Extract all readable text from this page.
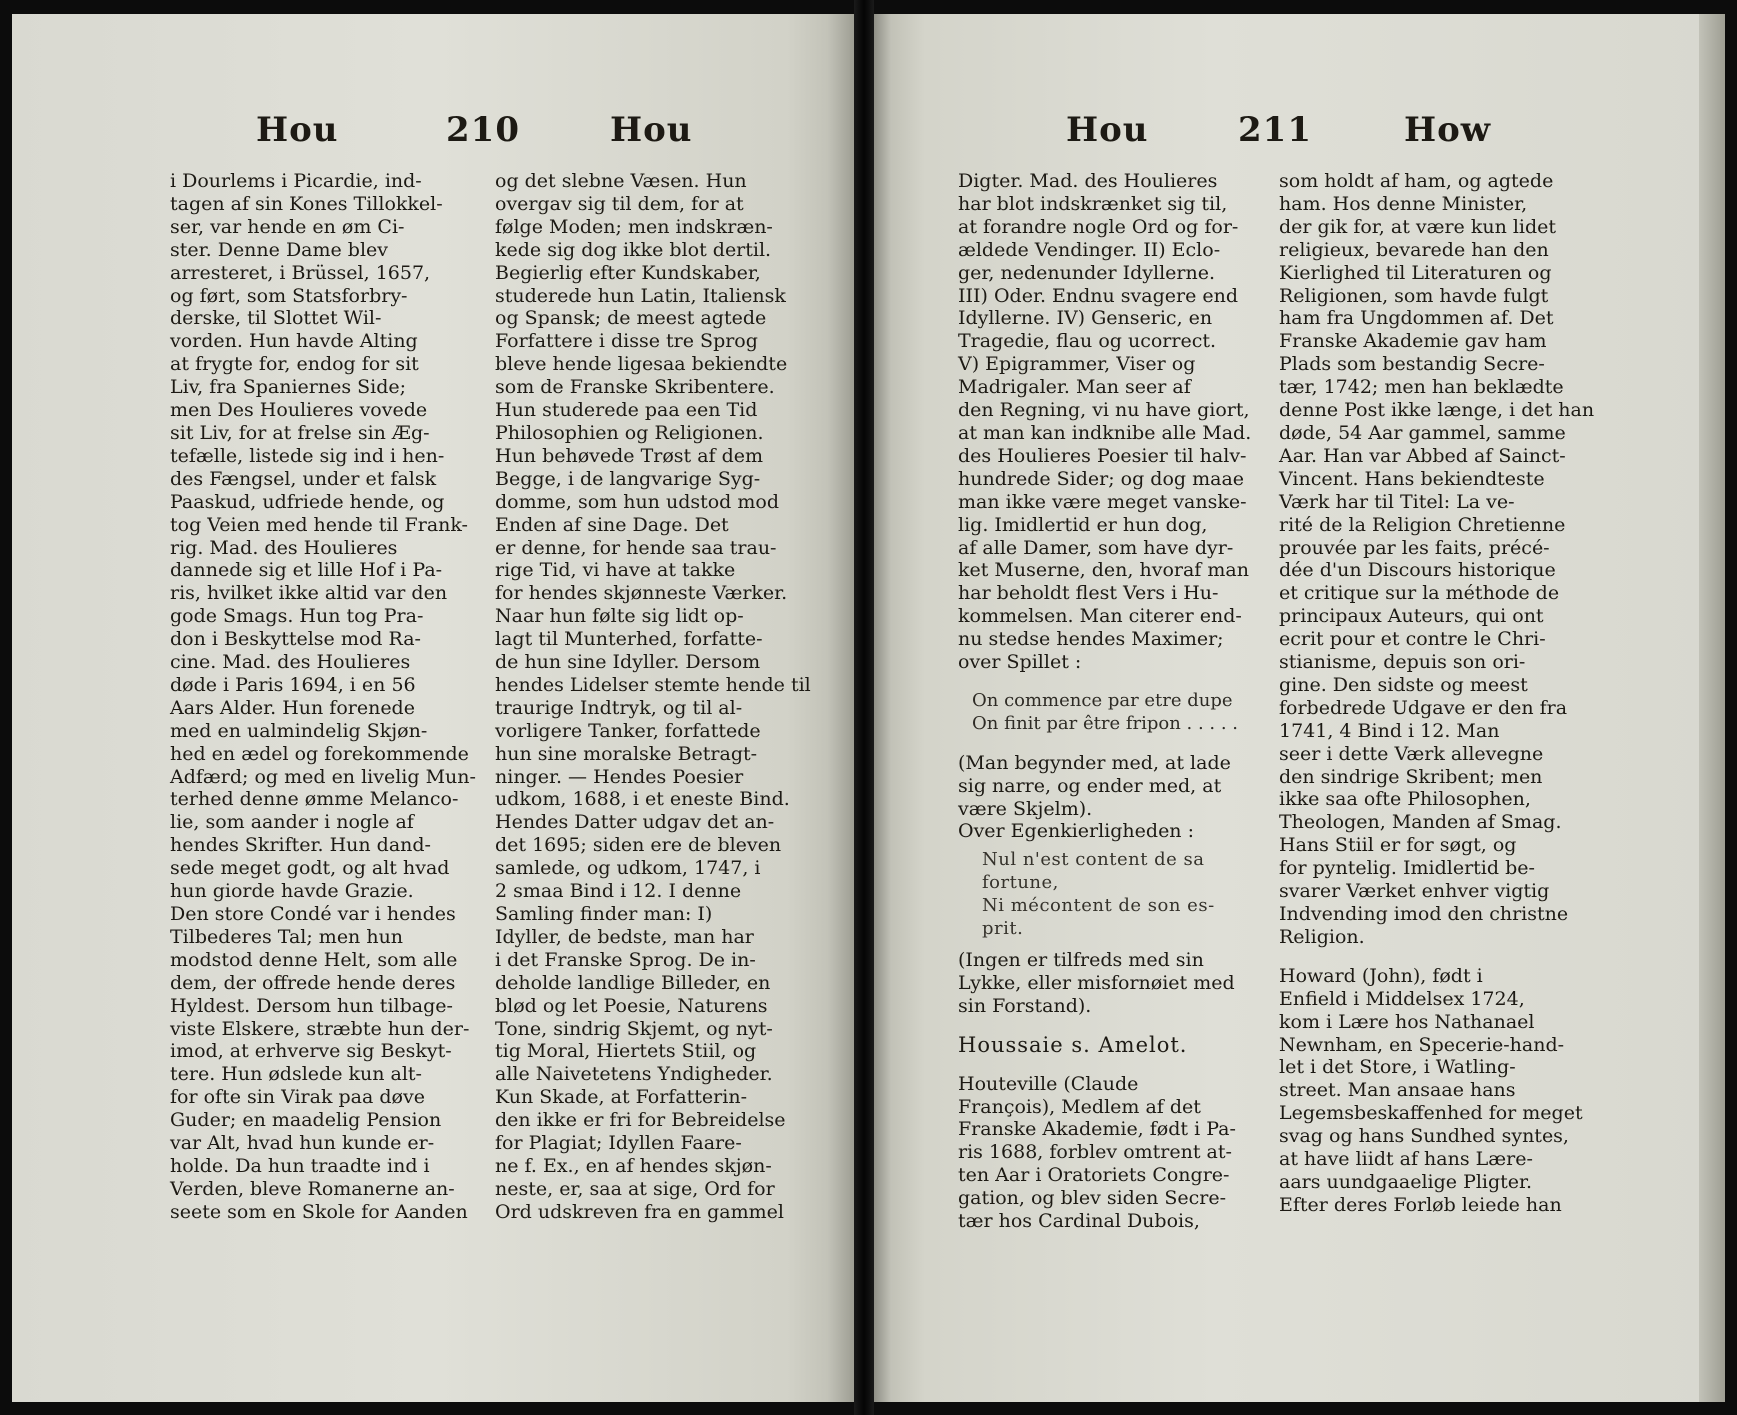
Hou	210	Hou

i Dourlems i Picardie, ind-

tagen af sin Kones Tillokkel-

ser, var hende en øm Ci-

ster. Denne Dame blev

arresteret, i Brüssel, 1657,

og ført, som Statsforbry-

derske, til Slottet Wil-

vorden. Hun havde Alting

at frygte for, endog for sit

Liv, fra Spaniernes Side;

men Des Houlieres vovede

sit Liv, for at frelse sin Æg-

tefælle, listede sig ind i hen-

des Fængsel, under et falsk

Paaskud, udfriede hende, og

tog Veien med hende til Frank-

rig. Mad. des Houlieres

dannede sig et lille Hof i Pa-

ris, hvilket ikke altid var den

gode Smags. Hun tog Pra-

don i Beskyttelse mod Ra-

cine. Mad. des Houlieres

døde i Paris 1694, i en 56

Aars Alder. Hun forenede

med en ualmindelig Skjøn-

hed en ædel og forekommende

Adfærd; og med en livelig Mun-

terhed denne ømme Melanco-

lie, som aander i nogle af

hendes Skrifter. Hun dand-

sede meget godt, og alt hvad

hun giorde havde Grazie.

Den store Condé var i hendes

Tilbederes Tal; men hun

modstod denne Helt, som alle

dem, der offrede hende deres

Hyldest. Dersom hun tilbage-

viste Elskere, stræbte hun der-

imod, at erhverve sig Beskyt-

tere. Hun ødslede kun alt-

for ofte sin Virak paa døve

Guder; en maadelig Pension

var Alt, hvad hun kunde er-

holde. Da hun traadte ind i

Verden, bleve Romanerne an-

seete som en Skole for Aanden

og det slebne Væsen. Hun

overgav sig til dem, for at

følge Moden; men indskræn-

kede sig dog ikke blot dertil.

Begierlig efter Kundskaber,

studerede hun Latin, Italiensk

og Spansk; de meest agtede

Forfattere i disse tre Sprog

bleve hende ligesaa bekiendte

som de Franske Skribentere.

Hun studerede paa een Tid

Philosophien og Religionen.

Hun behøvede Trøst af dem

Begge, i de langvarige Syg-

domme, som hun udstod mod

Enden af sine Dage. Det

er denne, for hende saa trau-

rige Tid, vi have at takke

for hendes skjønneste Værker.

Naar hun følte sig lidt op-

lagt til Munterhed, forfatte-

de hun sine Idyller. Dersom

hendes Lidelser stemte hende til

traurige Indtryk, og til al-

vorligere Tanker, forfattede

hun sine moralske Betragt-

ninger. — Hendes Poesier

udkom, 1688, i et eneste Bind.

Hendes Datter udgav det an-

det 1695; siden ere de bleven

samlede, og udkom, 1747, i

2 smaa Bind i 12. I denne

Samling finder man: I)

Idyller, de bedste, man har

i det Franske Sprog. De in-

deholde landlige Billeder, en

blød og let Poesie, Naturens

Tone, sindrig Skjemt, og nyt-

tig Moral, Hiertets Stiil, og

alle Naivetetens Yndigheder.

Kun Skade, at Forfatterin-

den ikke er fri for Bebreidelse

for Plagiat; Idyllen Faare-

ne f. Ex., en af hendes skjøn-

neste, er, saa at sige, Ord for

Ord udskreven fra en gammel

Hou	211	How

Digter. Mad. des Houlieres

har blot indskrænket sig til,

at forandre nogle Ord og for-

ældede Vendinger. II) Eclo-

ger, nedenunder Idyllerne.

III) Oder. Endnu svagere end

Idyllerne. IV) Genseric, en

Tragedie, flau og ucorrect.

V) Epigrammer, Viser og

Madrigaler. Man seer af

den Regning, vi nu have giort,

at man kan indknibe alle Mad.

des Houlieres Poesier til halv-

hundrede Sider; og dog maae

man ikke være meget vanske-

lig. Imidlertid er hun dog,

af alle Damer, som have dyr-

ket Muserne, den, hvoraf man

har beholdt flest Vers i Hu-

kommelsen. Man citerer end-

nu stedse hendes Maximer;

over Spillet :

On commence par etre dupe

On finit par être fripon . . . . .

(Man begynder med, at lade

sig narre, og ender med, at

være Skjelm).

Over Egenkierligheden :

Nul n'est content de sa

fortune,

Ni mécontent de son es-

prit.

(Ingen er tilfreds med sin

Lykke, eller misfornøiet med

sin Forstand).

Houssaie s. Amelot.

Houteville (Claude

François), Medlem af det

Franske Akademie, født i Pa-

ris 1688, forblev omtrent at-

ten Aar i Oratoriets Congre-

gation, og blev siden Secre-

tær hos Cardinal Dubois,

som holdt af ham, og agtede

ham. Hos denne Minister,

der gik for, at være kun lidet

religieux, bevarede han den

Kierlighed til Literaturen og

Religionen, som havde fulgt

ham fra Ungdommen af. Det

Franske Akademie gav ham

Plads som bestandig Secre-

tær, 1742; men han beklædte

denne Post ikke længe, i det han

døde, 54 Aar gammel, samme

Aar. Han var Abbed af Sainct-

Vincent. Hans bekiendteste

Værk har til Titel: La ve-

rité de la Religion Chretienne

prouvée par les faits, précé-

dée d'un Discours historique

et critique sur la méthode de

principaux Auteurs, qui ont

ecrit pour et contre le Chri-

stianisme, depuis son ori-

gine. Den sidste og meest

forbedrede Udgave er den fra

1741, 4 Bind i 12. Man

seer i dette Værk allevegne

den sindrige Skribent; men

ikke saa ofte Philosophen,

Theologen, Manden af Smag.

Hans Stiil er for søgt, og

for pyntelig. Imidlertid be-

svarer Værket enhver vigtig

Indvending imod den christne

Religion.

Howard (John), født i

Enfield i Middelsex 1724,

kom i Lære hos Nathanael

Newnham, en Specerie-hand-

let i det Store, i Watling-

street. Man ansaae hans

Legemsbeskaffenhed for meget

svag og hans Sundhed syntes,

at have liidt af hans Lære-

aars uundgaaelige Pligter.

Efter deres Forløb leiede han
